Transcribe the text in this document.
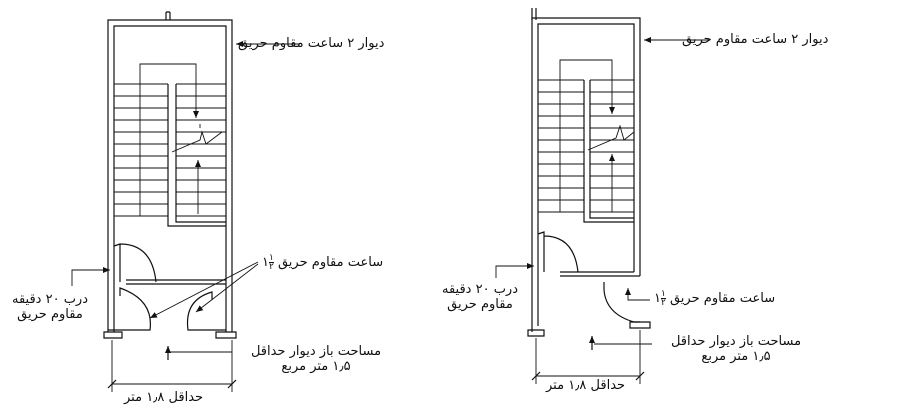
دیوار ۲ ساعت مقاوم حریق
ساعت مقاوم حریق
$\frac{۱}{۲}$
۱
درب ۲۰ دقیقه
مقاوم حریق
مساحت باز دیوار حداقل
۱٫۵ متر مربع
حداقل ۱٫۸ متر
دیوار ۲ ساعت مقاوم حریق
ساعت مقاوم حریق
$\frac{۱}{۲}$
۱
درب ۲۰ دقیقه
مقاوم حریق
مساحت باز دیوار حداقل
۱٫۵ متر مربع
حداقل ۱٫۸ متر
